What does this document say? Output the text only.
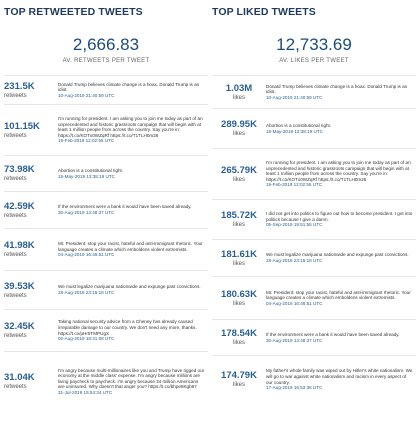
TOP RETWEETED TWEETS
2,666.83
AV. RETWEETS PER TWEET
231.5K
retweets
Donald Trump believes climate change is a hoax. Donald Trump is an idiot.
10-Aug-2019 21:40:59 UTC
101.15K
retweets
I'm running for president. I am asking you to join me today as part of an unprecedented and historic grassroots campaign that will begin with at least 1 million people from across the country. Say you're in: https://t.co/KOTx0WZqRf https://t.co/T1TLH0m26
19-Feb-2019 12:02:55 UTC
73.98K
retweets
Abortion is a constitutional right.
15-May-2019 13:38:19 UTC
42.59K
retweets
If the environment were a bank it would have been saved already.
30-Aug-2019 13:48:37 UTC
41.98K
retweets
Mr. President: stop your racist, hateful and anti-immigrant rhetoric. Your language creates a climate which emboldens violent extremists.
04-Aug-2019 16:46:51 UTC
39.53K
retweets
We must legalize marijuana nationwide and expunge past convictions.
28-Aug-2019 23:15:18 UTC
32.45K
retweets
Taking national security advice from a Cheney has already caused irreparable damage to our country. We don't need any more, thanks. https://t.co/pHr5TMPUgX
02-Aug-2019 18:41:08 UTC
31.04K
retweets
I'm angry because multi-millionaires like you and Trump have rigged our economy at the middle class' expense. I'm angry because millions are living paycheck to paycheck. I'm angry because 34 million Americans are uninsured. Why doesn't that anger you? https://t.co/bhpe8Kgb97
31-Jul-2019 15:54:34 UTC
TOP LIKED TWEETS
12,733.69
AV. LIKES PER TWEET
1.03M
likes
Donald Trump believes climate change is a hoax. Donald Trump is an idiot.
10-Aug-2019 21:40:59 UTC
289.95K
likes
Abortion is a constitutional right.
15-May-2019 13:38:19 UTC
265.79K
likes
I'm running for president. I am asking you to join me today as part of an unprecedented and historic grassroots campaign that will begin with at least 1 million people from across the country. Say you're in: https://t.co/KOTx0WZqRf https://t.co/T1TLH0m26
19-Feb-2019 12:02:55 UTC
185.72K
likes
I did not get into politics to figure out how to become president. I got into politics because I give a damn.
05-Sep-2019 19:51:56 UTC
181.61K
likes
We must legalize marijuana nationwide and expunge past convictions.
28-Aug-2019 23:15:18 UTC
180.63K
likes
Mr. President: stop your racist, hateful and anti-immigrant rhetoric. Your language creates a climate which emboldens violent extremists.
04-Aug-2019 16:46:51 UTC
178.54K
likes
If the environment were a bank it would have been saved already.
30-Aug-2019 13:48:37 UTC
174.79K
likes
My father's whole family was wiped out by Hitler's white nationalism. We will go to war against white nationalism and racism in every aspect of our country.
17-Aug-2019 16:53:36 UTC
